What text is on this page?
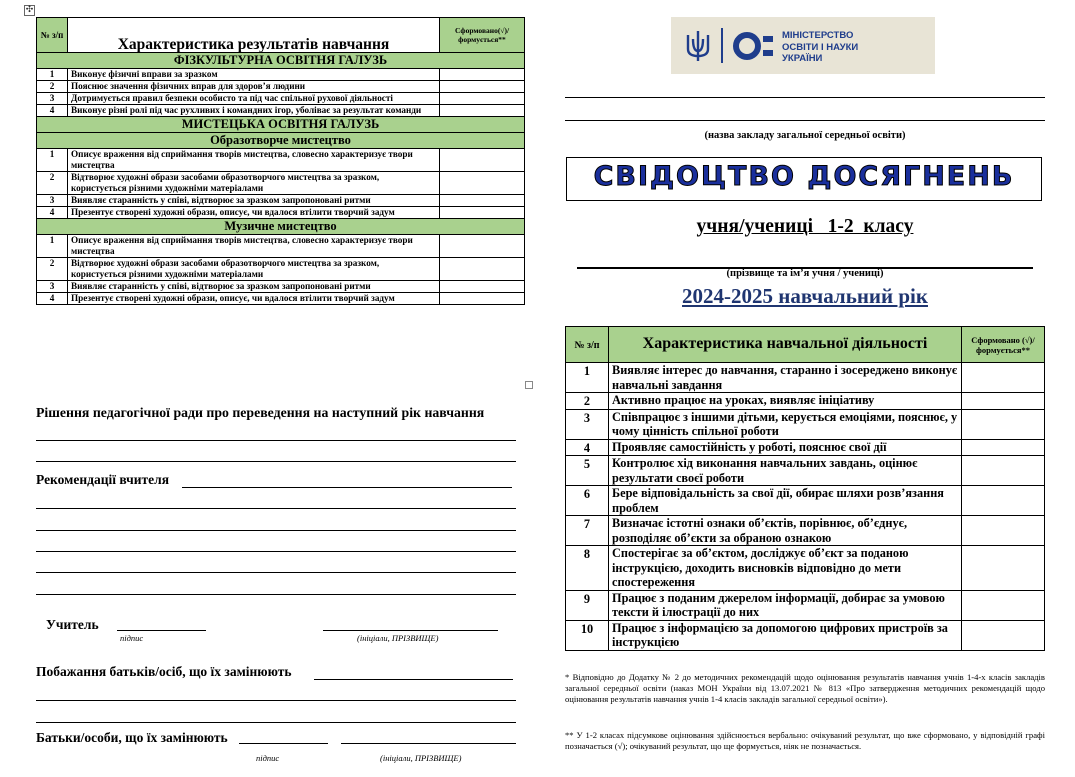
✣
№ з/п	Характеристика результатів навчання	Сформовано(√)/ формується**
ФІЗКУЛЬТУРНА ОСВІТНЯ ГАЛУЗЬ		
1	Виконує фізичні вправи за зразком	
2	Пояснює значення фізичних вправ для здоров’я людини	
3	Дотримується правил безпеки особисто та під час спільної рухової діяльності	
4	Виконує різні ролі під час рухливих і командних ігор, уболіває за результат команди	
МИСТЕЦЬКА ОСВІТНЯ ГАЛУЗЬ		
Образотворче мистецтво		
1	Описує враження від сприймання творів мистецтва, словесно характеризує твори мистецтва	
2	Відтворює художні образи засобами образотворчого мистецтва за зразком, користується різними художніми матеріалами	
3	Виявляє старанність у співі, відтворює за зразком запропоновані ритми	
4	Презентує створені художні образи, описує, чи вдалося втілити творчий задум	
Музичне мистецтво		
1	Описує враження від сприймання творів мистецтва, словесно характеризує твори мистецтва	
2	Відтворює художні образи засобами образотворчого мистецтва за зразком, користується різними художніми матеріалами	
3	Виявляє старанність у співі, відтворює за зразком запропоновані ритми	
4	Презентує створені художні образи, описує, чи вдалося втілити творчий задум	
Рішення педагогічної ради про переведення на наступний рік навчання
Рекомендації вчителя
Учитель
підпис	(ініціали, ПРІЗВИЩЕ)
Побажання батьків/осіб, що їх замінюють
Батьки/особи, що їх замінюють
підпис	(ініціали, ПРІЗВИЩЕ)
МІНІСТЕРСТВО
ОСВІТИ І НАУКИ
УКРАЇНИ
(назва закладу загальної середньої освіти)
СВІДОЦТВО ДОСЯГНЕНЬ
учня/учениці   1-2  класу
(прізвище та ім’я учня / учениці)
2024-2025 навчальний рік
№ з/п	Характеристика навчальної діяльності	Сформовано (√)/ формується**
1	Виявляє інтерес до навчання, старанно і зосереджено виконує навчальні завдання	
2	Активно працює на уроках, виявляє ініціативу	
3	Співпрацює з іншими дітьми, керується емоціями, пояснює, у чому цінність спільної роботи	
4	Проявляє самостійність у роботі, пояснює свої дії	
5	Контролює хід виконання навчальних завдань, оцінює результати своєї роботи	
6	Бере відповідальність за свої дії, обирає шляхи розв’язання проблем	
7	Визначає істотні ознаки об’єктів, порівнює, об’єднує, розподіляє об’єкти за обраною ознакою	
8	Спостерігає за об’єктом, досліджує об’єкт за поданою інструкцією, доходить висновків відповідно до мети спостереження	
9	Працює з поданим джерелом інформації, добирає за умовою тексти й ілюстрації до них	
10	Працює з інформацією за допомогою цифрових пристроїв за інструкцією	
* Відповідно до Додатку № 2 до методичних рекомендацій щодо оцінювання результатів навчання учнів 1-4-х класів закладів загальної середньої освіти (наказ МОН України від 13.07.2021 № 813 «Про затвердження методичних рекомендацій щодо оцінювання результатів навчання учнів 1-4 класів закладів загальної середньої освіти»).
** У 1-2 класах підсумкове оцінювання здійснюється вербально: очікуваний результат, що вже сформовано, у відповідній графі позначається (√); очікуваний результат, що ще формується, ніяк не позначається.
